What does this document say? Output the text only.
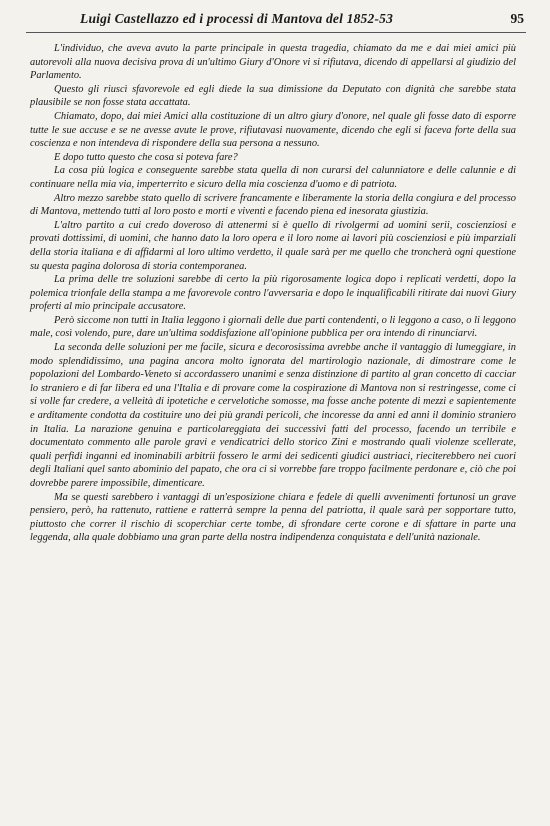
Luigi Castellazzo ed i processi di Mantova del 1852-53	95

L'individuo, che aveva avuto la parte principale in questa tragedia, chiamato da me e dai miei amici più autorevoli alla nuova decisiva prova di un'ultimo Giury d'Onore vi si rifiutava, dicendo di appellarsi al giudizio del Parlamento.

Questo gli riuscì sfavorevole ed egli diede la sua dimissione da Deputato con dignità che sarebbe stata plausibile se non fosse stata accattata.

Chiamato, dopo, dai miei Amici alla costituzione di un altro giury d'onore, nel quale gli fosse dato di esporre tutte le sue accuse e se ne avesse avute le prove, rifiutavasi nuovamente, dicendo che egli si faceva forte della sua coscienza e non intendeva di rispondere della sua persona a nessuno.

E dopo tutto questo che cosa si poteva fare?

La cosa più logica e conseguente sarebbe stata quella di non curarsi del calunniatore e delle calunnie e di continuare nella mia via, imperterrito e sicuro della mia coscienza d'uomo e di patriota.

Altro mezzo sarebbe stato quello di scrivere francamente e liberamente la storia della congiura e del processo di Mantova, mettendo tutti al loro posto e morti e viventi e facendo piena ed inesorata giustizia.

L'altro partito a cui credo doveroso di attenermi si è quello di rivolgermi ad uomini serii, coscienziosi e provati dottissimi, di uomini, che hanno dato la loro opera e il loro nome ai lavori più coscienziosi e più imparziali della storia italiana e di affidarmi al loro ultimo verdetto, il quale sarà per me quello che troncherà ogni questione su questa pagina dolorosa di storia contemporanea.

La prima delle tre soluzioni sarebbe di certo la più rigorosamente logica dopo i replicati verdetti, dopo la polemica trionfale della stampa a me favorevole contro l'avversaria e dopo le inqualificabili ritirate dai nuovi Giury proferti al mio principale accusatore.

Però siccome non tutti in Italia leggono i giornali delle due parti contendenti, o li leggono a caso, o li leggono male, così volendo, pure, dare un'ultima soddisfazione all'opinione pubblica per ora intendo di rinunciarvi.

La seconda delle soluzioni per me facile, sicura e decorosissima avrebbe anche il vantaggio di lumeggiare, in modo splendidissimo, una pagina ancora molto ignorata del martirologio nazionale, di dimostrare come le popolazioni del Lombardo-Veneto si accordassero unanimi e senza distinzione di partito al gran concetto di cacciar lo straniero e di far libera ed una l'Italia e di provare come la cospirazione di Mantova non si restringesse, come ci si volle far credere, a velleità di ipotetiche e cervelotiche somosse, ma fosse anche potente di mezzi e sapientemente e arditamente condotta da costituire uno dei più grandi pericoli, che incoresse da anni ed anni il dominio straniero in Italia. La narazione genuina e particolareggiata dei successivi fatti del processo, facendo un terribile e documentato commento alle parole gravi e vendicatrici dello storico Zini e mostrando quali violenze scellerate, quali perfidi inganni ed inominabili arbitrii fossero le armi dei sedicenti giudici austriaci, rieciterebbero nei cuori degli Italiani quel santo abominio del papato, che ora ci si vorrebbe fare troppo facilmente perdonare e, ciò che poi dovrebbe parere impossibile, dimenticare.

Ma se questi sarebbero i vantaggi di un'esposizione chiara e fedele di quelli avvenimenti fortunosi un grave pensiero, però, ha rattenuto, rattiene e ratterrà sempre la penna del patriotta, il quale sarà per sopportare tutto, piuttosto che correr il rischio di scoperchiar certe tombe, di sfrondare certe corone e di sfattare in parte una leggenda, alla quale dobbiamo una gran parte della nostra indipendenza conquistata e dell'unità nazionale.
